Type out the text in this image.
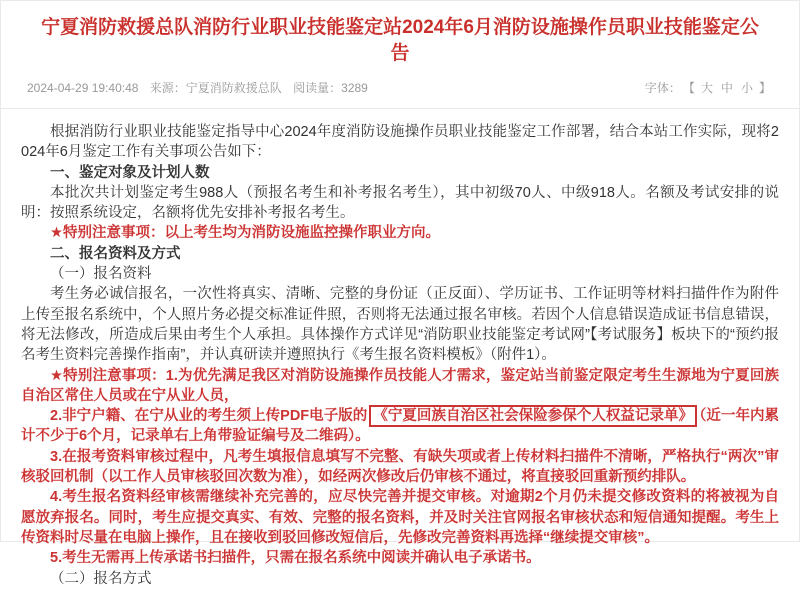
宁夏消防救援总队消防行业职业技能鉴定站2024年6月消防设施操作员职业技能鉴定公告
2024-04-29 19:40:48 来源：宁夏消防救援总队 阅读量：3289	字体： 【 大 中 小 】

根据消防行业职业技能鉴定指导中心2024年度消防设施操作员职业技能鉴定工作部署，结合本站工作实际，现将2024年6月鉴定工作有关事项公告如下：

一、鉴定对象及计划人数

本批次共计划鉴定考生988人（预报名考生和补考报名考生），其中初级70人、中级918人。名额及考试安排的说明：按照系统设定，名额将优先安排补考报名考生。

★特别注意事项：以上考生均为消防设施监控操作职业方向。

二、报名资料及方式

（一）报名资料

考生务必诚信报名，一次性将真实、清晰、完整的身份证（正反面）、学历证书、工作证明等材料扫描件作为附件上传至报名系统中，个人照片务必提交标准证件照，否则将无法通过报名审核。若因个人信息错误造成证书信息错误，将无法修改，所造成后果由考生个人承担。具体操作方式详见“消防职业技能鉴定考试网”【考试服务】板块下的“预约报名考生资料完善操作指南”，并认真研读并遵照执行《考生报名资料模板》（附件1）。

★特别注意事项：1.为优先满足我区对消防设施操作员技能人才需求，鉴定站当前鉴定限定考生生源地为宁夏回族自治区常住人员或在宁从业人员，

2.非宁户籍、在宁从业的考生须上传PDF电子版的 《宁夏回族自治区社会保险参保个人权益记录单》 （近一年内累计不少于6个月，记录单右上角带验证编号及二维码）。

3.在报考资料审核过程中，凡考生填报信息填写不完整、有缺失项或者上传材料扫描件不清晰，严格执行“两次”审核驳回机制（以工作人员审核驳回次数为准），如经两次修改后仍审核不通过，将直接驳回重新预约排队。

4.考生报名资料经审核需继续补充完善的，应尽快完善并提交审核。对逾期2个月仍未提交修改资料的将被视为自愿放弃报名。同时，考生应提交真实、有效、完整的报名资料，并及时关注官网报名审核状态和短信通知提醒。考生上传资料时尽量在电脑上操作，且在接收到驳回修改短信后，先修改完善资料再选择“继续提交审核”。

5.考生无需再上传承诺书扫描件，只需在报名系统中阅读并确认电子承诺书。

（二）报名方式
